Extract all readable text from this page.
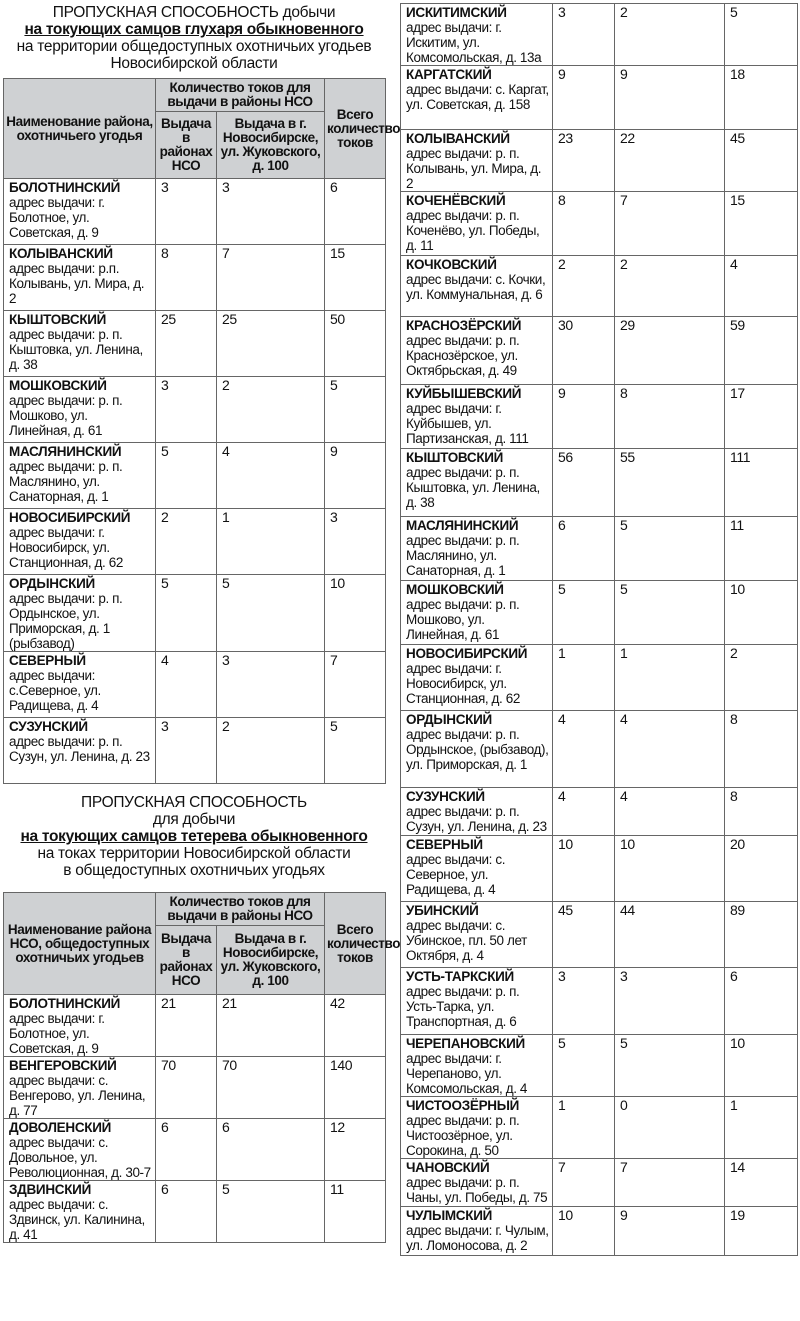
ПРОПУСКНАЯ СПОСОБНОСТЬ добычи
на токующих самцов глухаря обыкновенного
на территории общедоступных охотничьих угодьев
Новосибирской области
Наименование района, охотничьего угодья	Количество токов для выдачи в районы НСО		Всего количество токов
	Выдача в районах НСО	Выдача в г. Новосибирске, ул. Жуковского, д. 100	

БОЛОТНИНСКИЙ
адрес выдачи: г. Болотное, ул. Советская, д. 9	3	3	6

КОЛЫВАНСКИЙ
адрес выдачи: р.п. Колывань, ул. Мира, д. 2	8	7	15

КЫШТОВСКИЙ
адрес выдачи: р. п. Кыштовка, ул. Ленина, д. 38	25	25	50

МОШКОВСКИЙ
адрес выдачи: р. п. Мошково, ул. Линейная, д. 61	3	2	5

МАСЛЯНИНСКИЙ
адрес выдачи: р. п. Маслянино, ул. Санаторная, д. 1	5	4	9

НОВОСИБИРСКИЙ
адрес выдачи: г. Новосибирск, ул. Станционная, д. 62	2	1	3

ОРДЫНСКИЙ
адрес выдачи: р. п. Ордынское, ул. Приморская, д. 1 (рыбзавод)	5	5	10

СЕВЕРНЫЙ
адрес выдачи: с.Северное, ул. Радищева, д. 4	4	3	7

СУЗУНСКИЙ
адрес выдачи: р. п. Сузун, ул. Ленина, д. 23	3	2	5
ПРОПУСКНАЯ СПОСОБНОСТЬ
для добычи
на токующих самцов тетерева обыкновенного
на токах территории Новосибирской области
в общедоступных охотничьих угодьях
Наименование района НСО, общедоступных охотничьих угодьев	Количество токов для выдачи в районы НСО		Всего количество токов
	Выдача в районах НСО	Выдача в г. Новосибирске, ул. Жуковского, д. 100	

БОЛОТНИНСКИЙ
адрес выдачи: г. Болотное, ул. Советская, д. 9	21	21	42

ВЕНГЕРОВСКИЙ
адрес выдачи: с. Венгерово, ул. Ленина, д. 77	70	70	140

ДОВОЛЕНСКИЙ
адрес выдачи: с. Довольное, ул. Революционная, д. 30-7	6	6	12

ЗДВИНСКИЙ
адрес выдачи: с. Здвинск, ул. Калинина, д. 41	6	5	11
ИСКИТИМСКИЙ
адрес выдачи: г. Искитим, ул. Комсомольская, д. 13а	3	2	5

КАРГАТСКИЙ
адрес выдачи: с. Каргат, ул. Советская, д. 158	9	9	18

КОЛЫВАНСКИЙ
адрес выдачи: р. п. Колывань, ул. Мира, д. 2	23	22	45

КОЧЕНЁВСКИЙ
адрес выдачи: р. п. Коченёво, ул. Победы, д. 11	8	7	15

КОЧКОВСКИЙ
адрес выдачи: с. Кочки, ул. Коммунальная, д. 6	2	2	4

КРАСНОЗЁРСКИЙ
адрес выдачи: р. п. Краснозёрское, ул. Октябрьская, д. 49	30	29	59

КУЙБЫШЕВСКИЙ
адрес выдачи: г. Куйбышев, ул. Партизанская, д. 111	9	8	17

КЫШТОВСКИЙ
адрес выдачи: р. п. Кыштовка, ул. Ленина, д. 38	56	55	111

МАСЛЯНИНСКИЙ
адрес выдачи: р. п. Маслянино, ул. Санаторная, д. 1	6	5	11

МОШКОВСКИЙ
адрес выдачи: р. п. Мошково, ул. Линейная, д. 61	5	5	10

НОВОСИБИРСКИЙ
адрес выдачи: г. Новосибирск, ул. Станционная, д. 62	1	1	2

ОРДЫНСКИЙ
адрес выдачи: р. п. Ордынское, (рыбзавод), ул. Приморская, д. 1	4	4	8

СУЗУНСКИЙ
адрес выдачи: р. п. Сузун, ул. Ленина, д. 23	4	4	8

СЕВЕРНЫЙ
адрес выдачи: с. Северное, ул. Радищева, д. 4	10	10	20

УБИНСКИЙ
адрес выдачи: с. Убинское, пл. 50 лет Октября, д. 4	45	44	89

УСТЬ-ТАРКСКИЙ
адрес выдачи: р. п. Усть-Тарка, ул. Транспортная, д. 6	3	3	6

ЧЕРЕПАНОВСКИЙ
адрес выдачи: г. Черепаново, ул. Комсомольская, д. 4	5	5	10

ЧИСТООЗЁРНЫЙ
адрес выдачи: р. п. Чистоозёрное, ул. Сорокина, д. 50	1	0	1

ЧАНОВСКИЙ
адрес выдачи: р. п. Чаны, ул. Победы, д. 75	7	7	14

ЧУЛЫМСКИЙ
адрес выдачи: г. Чулым, ул. Ломоносова, д. 2	10	9	19
